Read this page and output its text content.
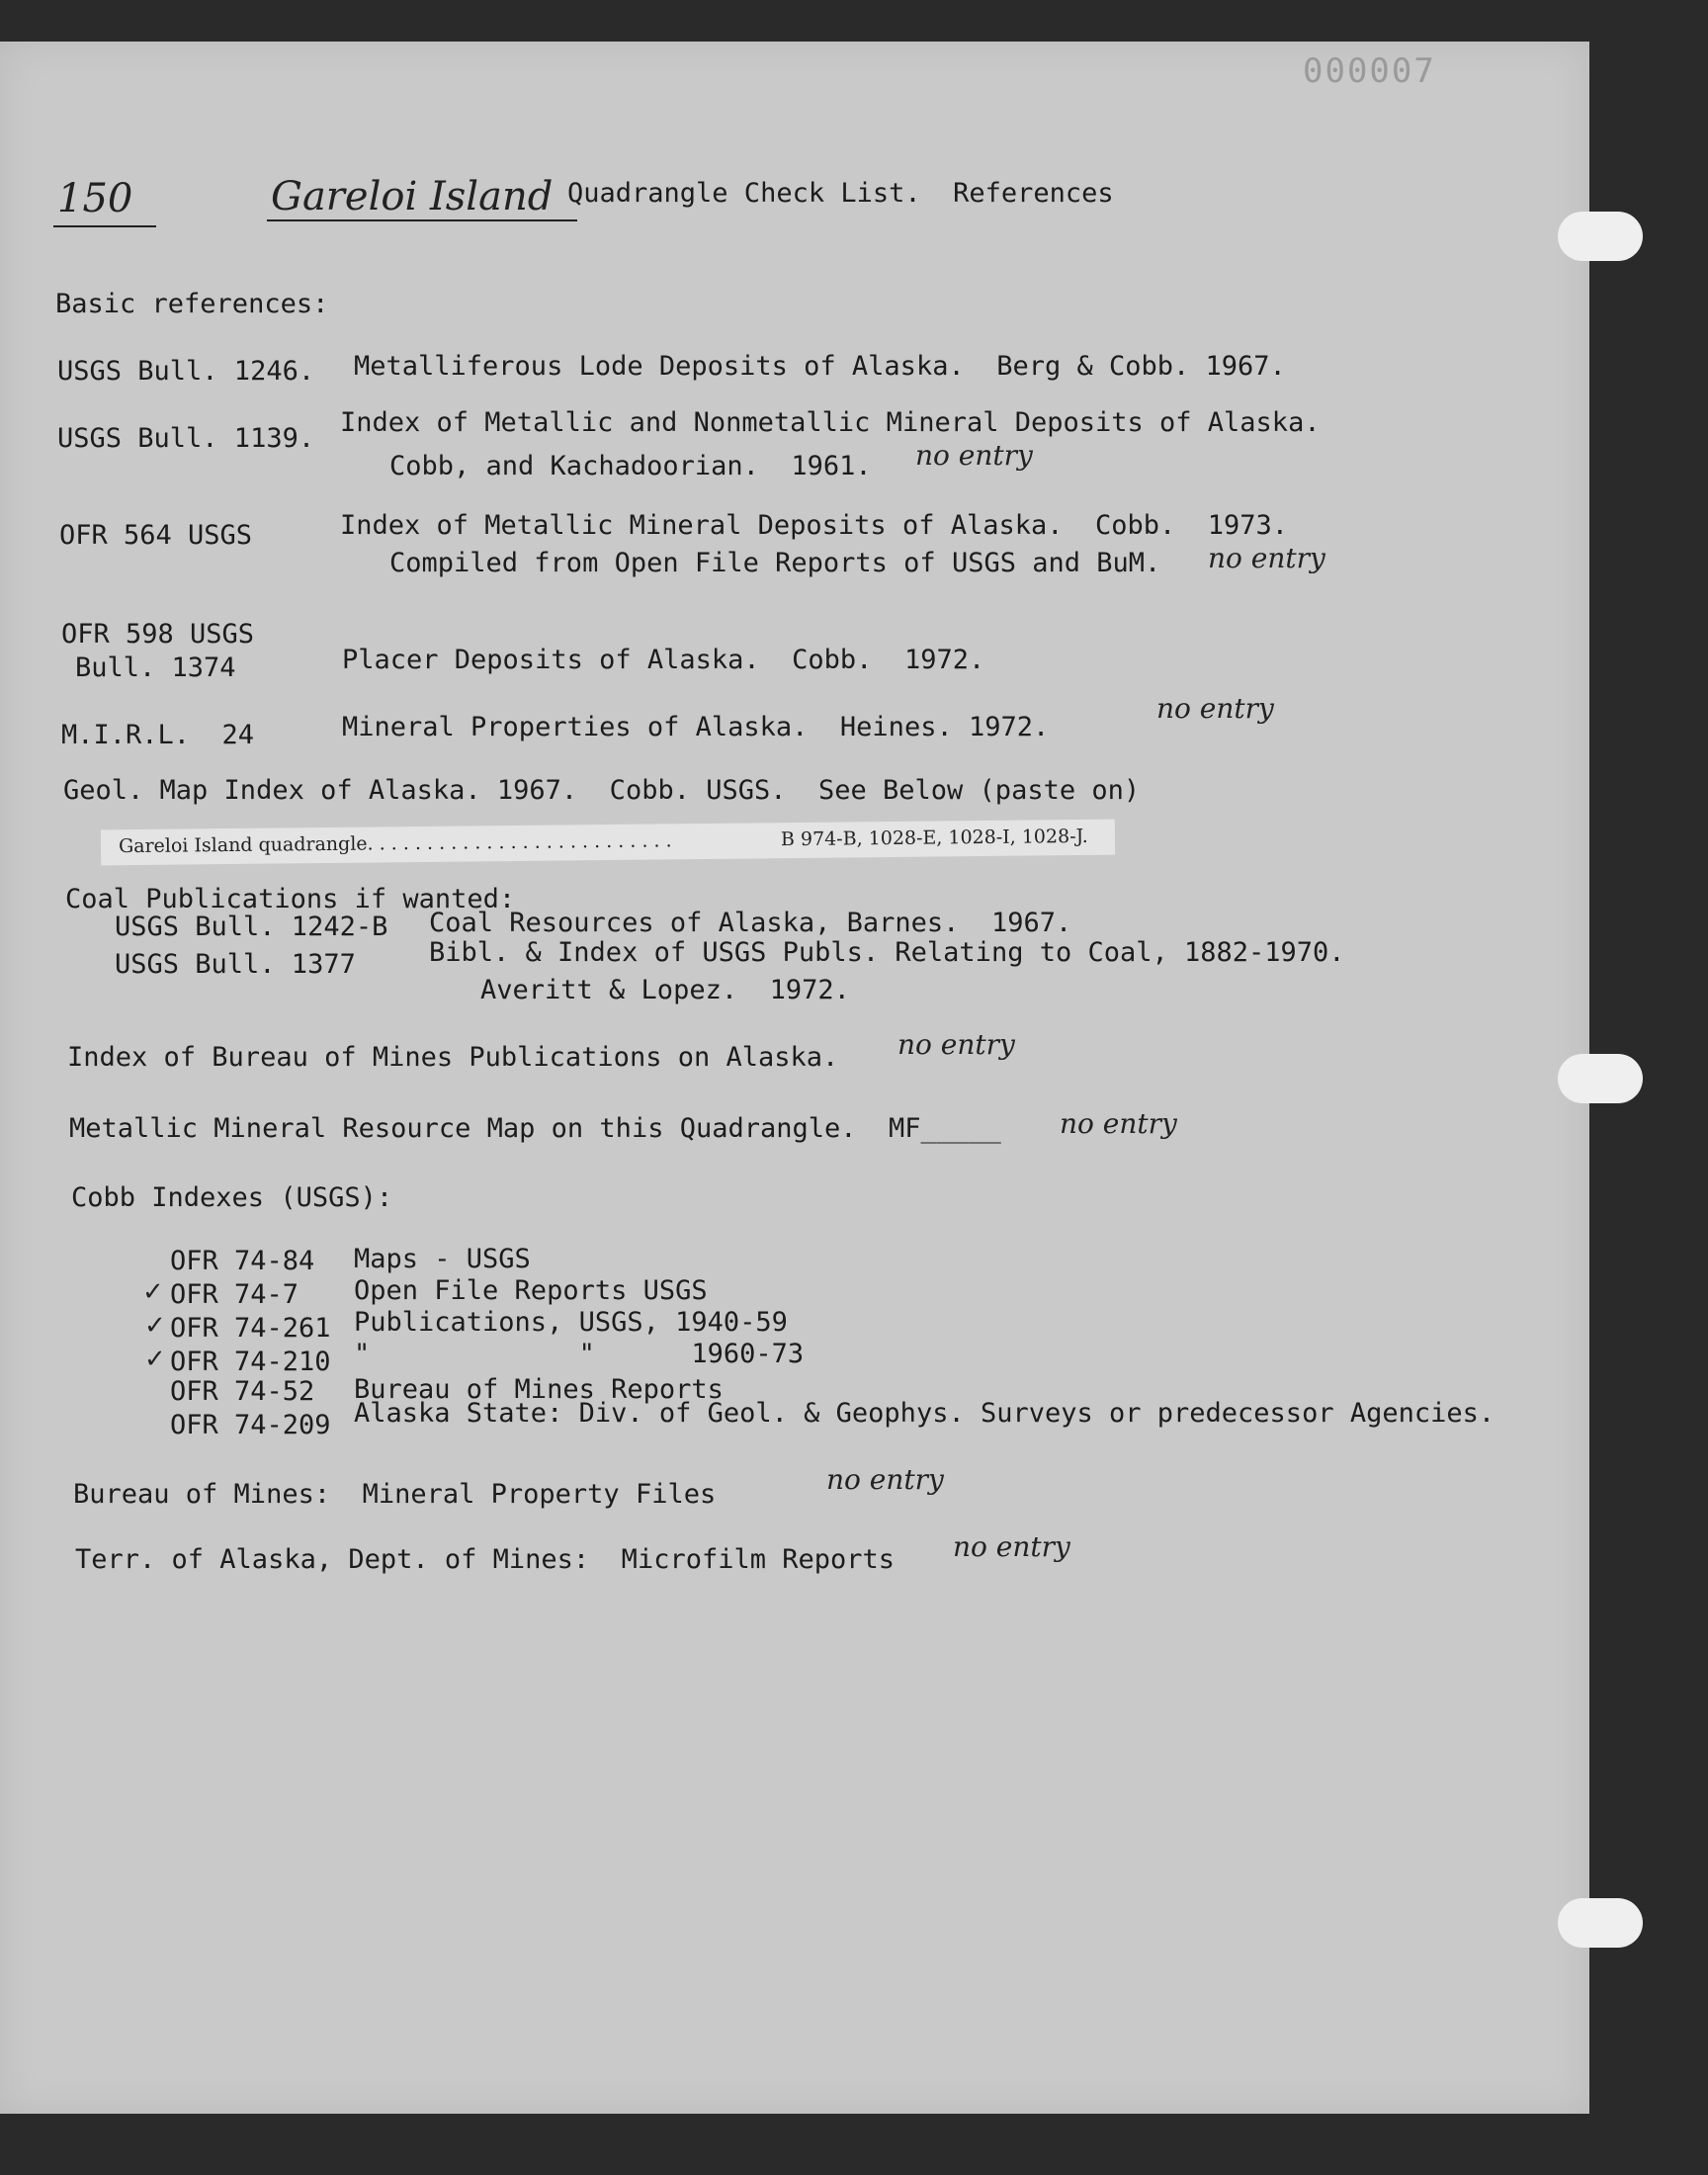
000007
150	Gareloi Island Quadrangle Check List.  References
Basic references:
USGS Bull. 1246. Metalliferous Lode Deposits of Alaska.  Berg & Cobb. 1967.
USGS Bull. 1139.
Index of Metallic and Nonmetallic Mineral Deposits of Alaska.
Cobb, and Kachadoorian.  1961. no entry
OFR 564 USGS	Index of Metallic Mineral Deposits of Alaska.  Cobb.  1973.
Compiled from Open File Reports of USGS and BuM. no entry
OFR 598 USGS
Bull. 1374	Placer Deposits of Alaska.  Cobb.  1972.
M.I.R.L.  24	Mineral Properties of Alaska.  Heines. 1972.
no entry
Geol. Map Index of Alaska. 1967.  Cobb. USGS.  See Below (paste on)
Gareloi Island quadrangle. . . . . . . . . . . . . . . . . . . . . . . . . .	B 974-B, 1028-E, 1028-I, 1028-J.
Coal Publications if wanted:
USGS Bull. 1242-B Coal Resources of Alaska, Barnes.  1967.
USGS Bull. 1377	Bibl. & Index of USGS Publs. Relating to Coal, 1882-1970.
Averitt & Lopez.  1972.
Index of Bureau of Mines Publications on Alaska. no entry
Metallic Mineral Resource Map on this Quadrangle.  MF_____ no entry
Cobb Indexes (USGS):
OFR 74-84 Maps - USGS
✓ OFR 74-7 Open File Reports USGS
✓ OFR 74-261 Publications, USGS, 1940-59
✓ OFR 74-210 "             "      1960-73
OFR 74-52 Bureau of Mines Reports
OFR 74-209 Alaska State: Div. of Geol. & Geophys. Surveys or predecessor Agencies.
Bureau of Mines:  Mineral Property Files	no entry
Terr. of Alaska, Dept. of Mines:  Microfilm Reports no entry
